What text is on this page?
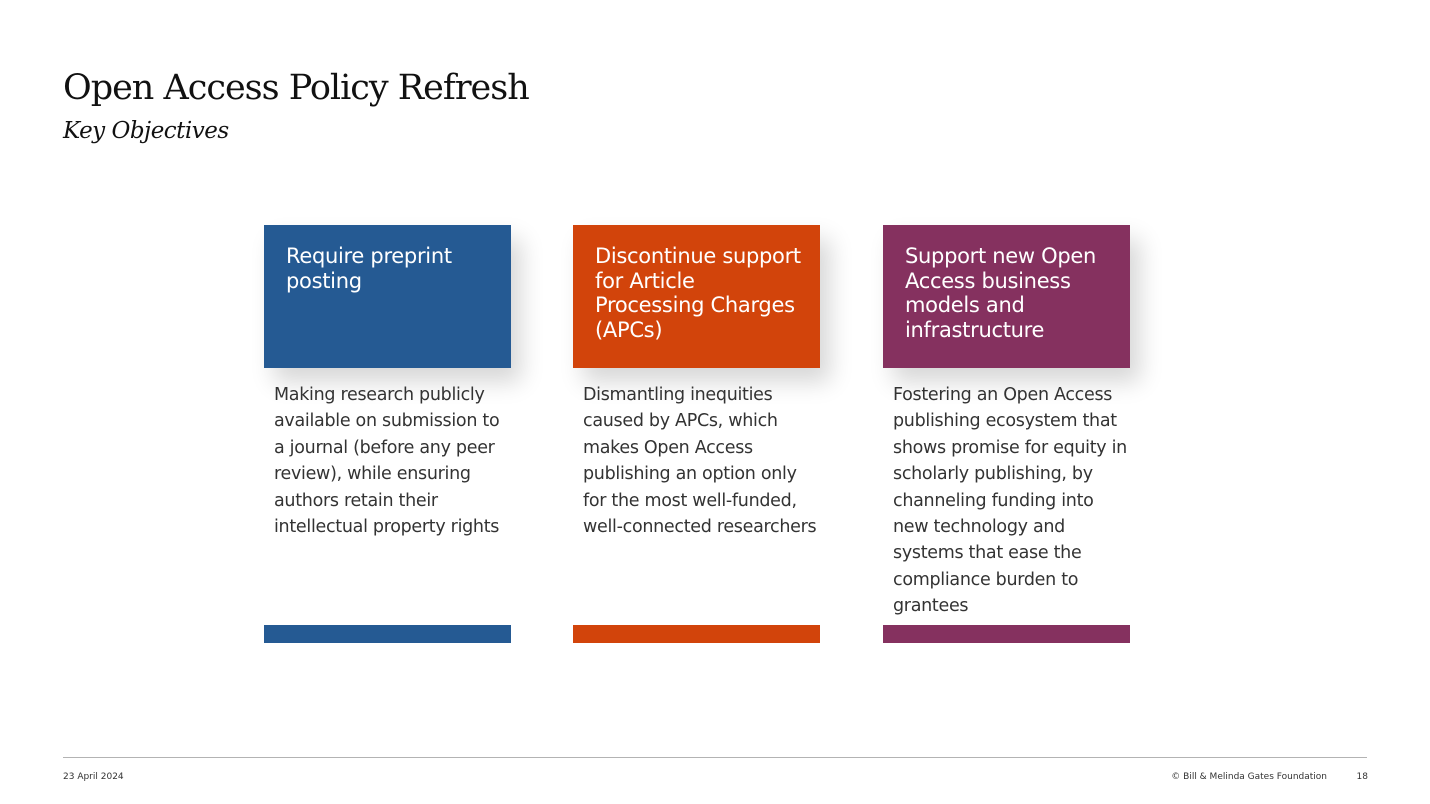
Open Access Policy Refresh
Key Objectives
Require preprint posting
Making research publicly available on submission to a journal (before any peer review), while ensuring authors retain their intellectual property rights
Discontinue support for Article Processing Charges (APCs)
Dismantling inequities caused by APCs, which makes Open Access publishing an option only for the most well-funded, well-connected researchers
Support new Open Access business models and infrastructure
Fostering an Open Access publishing ecosystem that shows promise for equity in scholarly publishing, by channeling funding into new technology and systems that ease the compliance burden to grantees
23 April 2024	© Bill & Melinda Gates Foundation	18
